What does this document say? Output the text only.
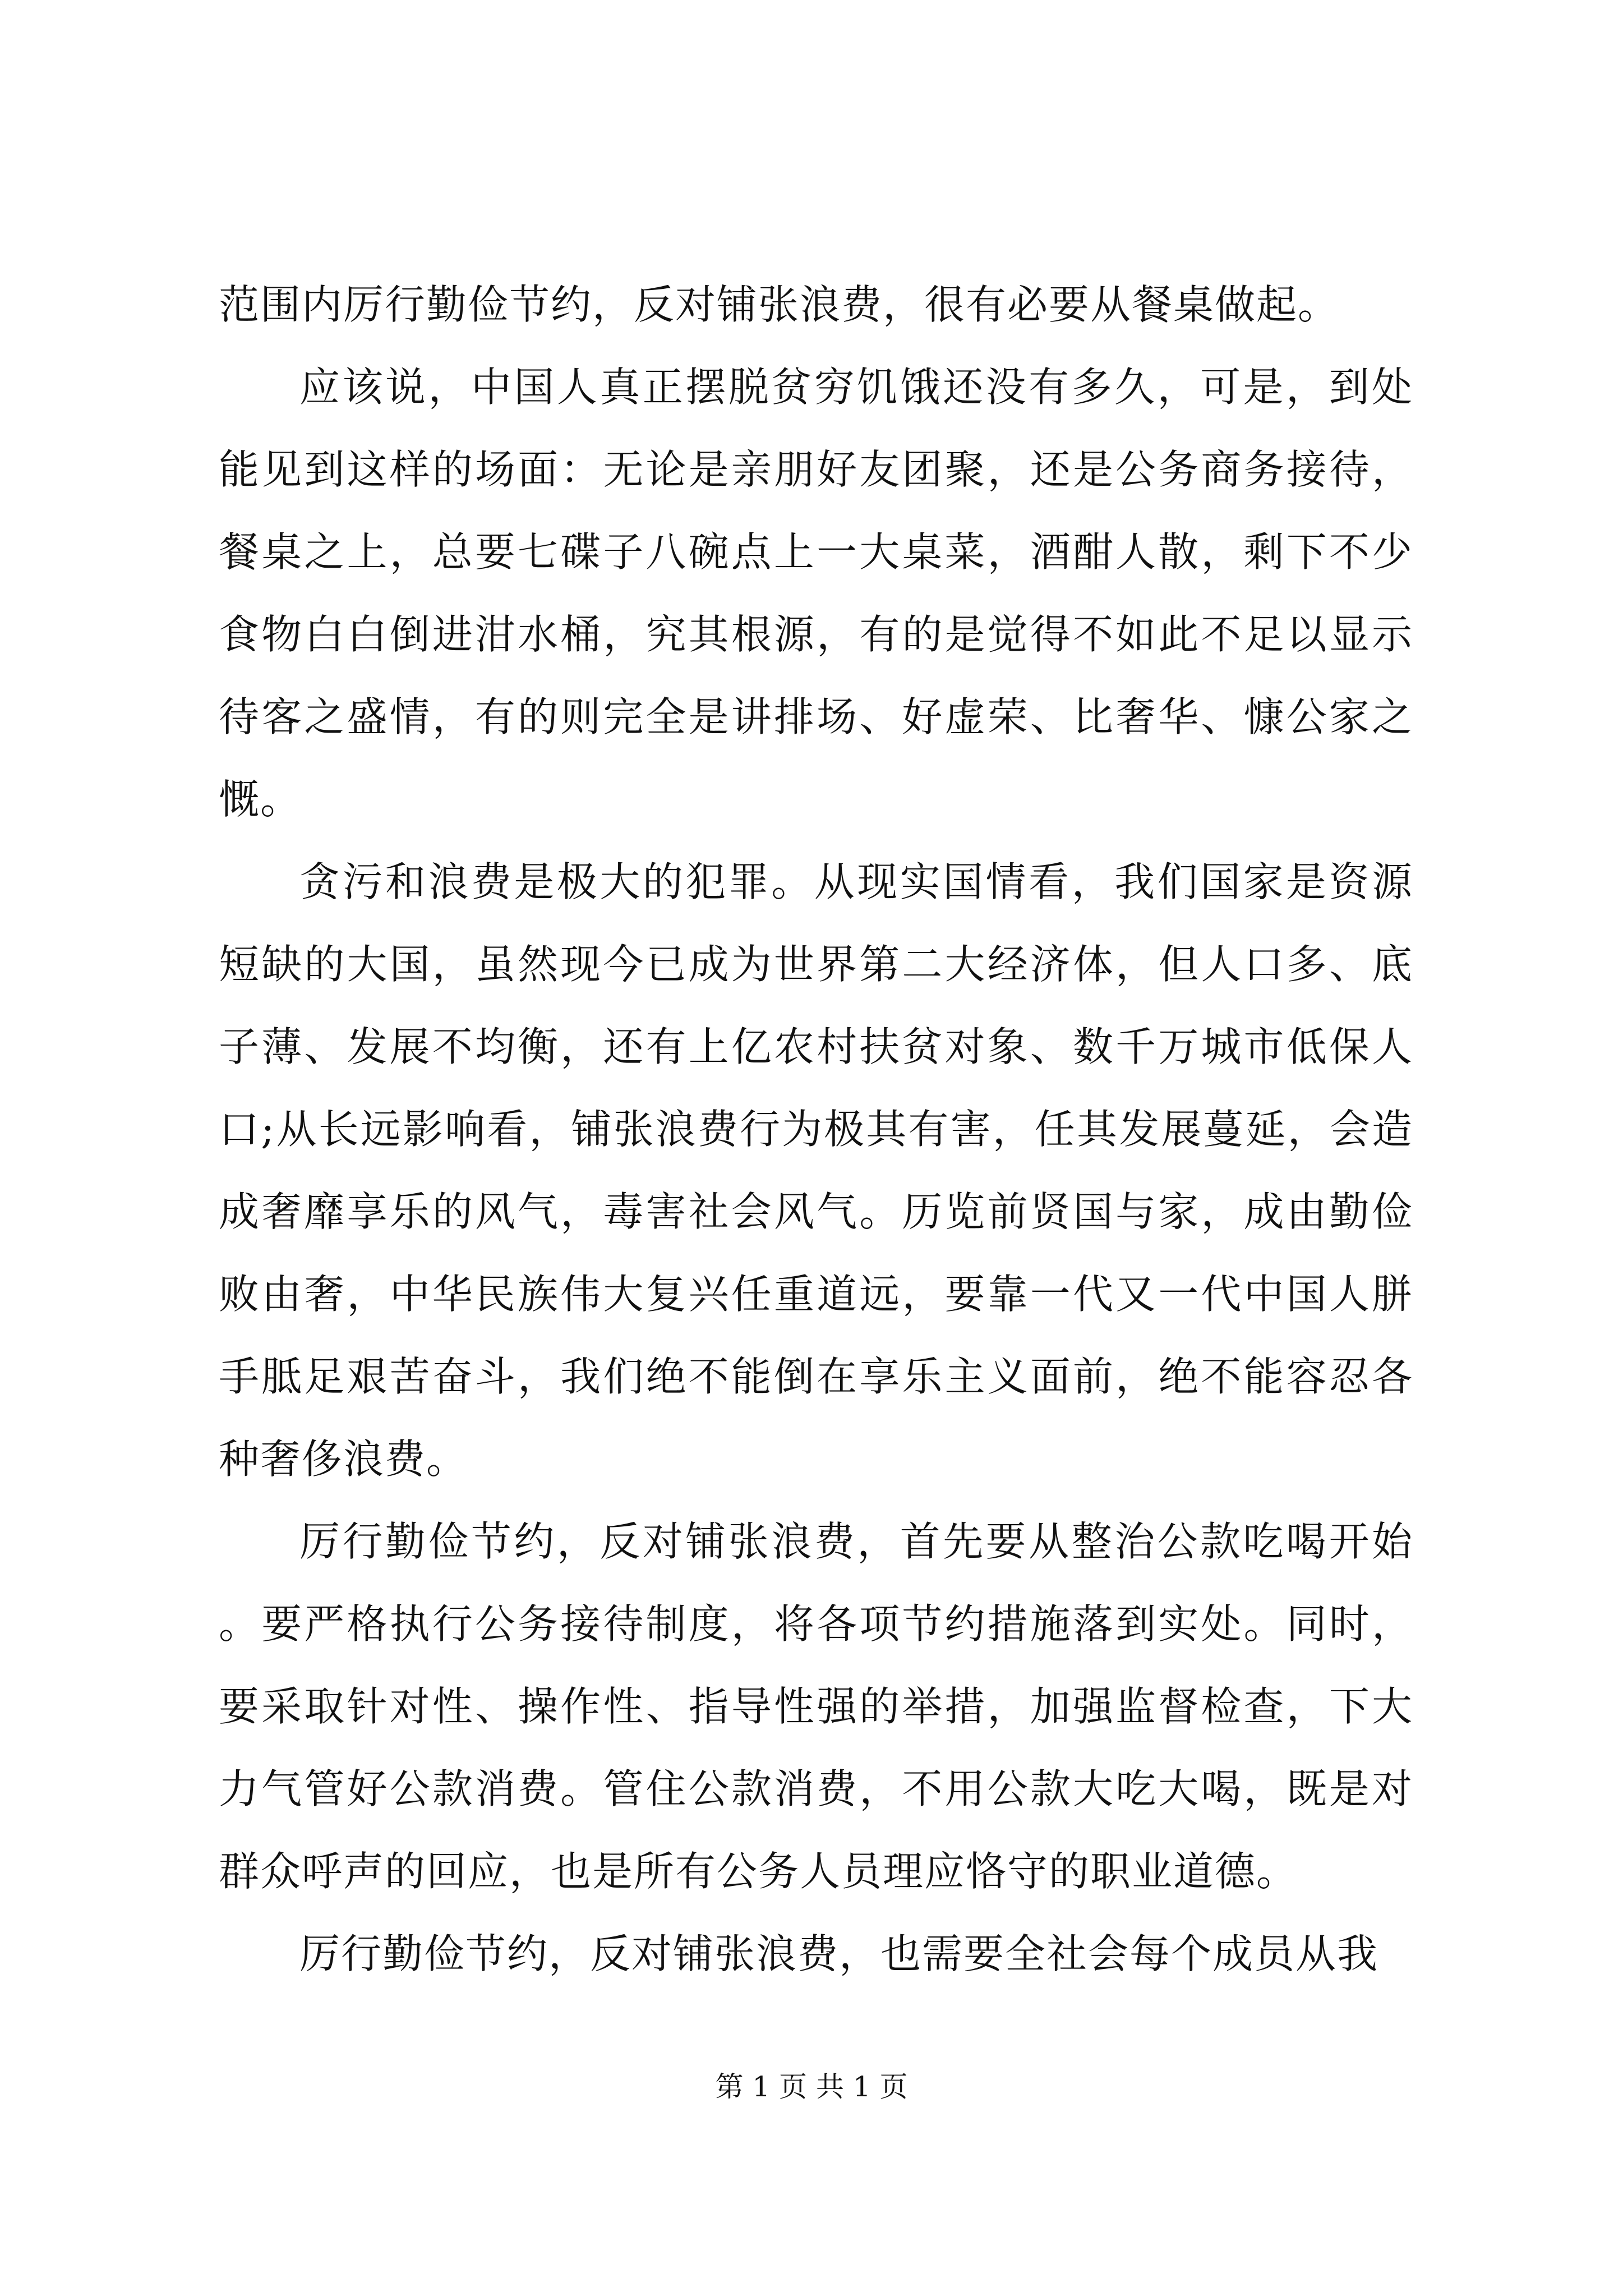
范围内厉行勤俭节约，反对铺张浪费，很有必要从餐桌做起。

应该说，中国人真正摆脱贫穷饥饿还没有多久，可是，到处能见到这样的场面：无论是亲朋好友团聚，还是公务商务接待，餐桌之上，总要七碟子八碗点上一大桌菜，酒酣人散，剩下不少食物白白倒进泔水桶，究其根源，有的是觉得不如此不足以显示待客之盛情，有的则完全是讲排场、好虚荣、比奢华、慷公家之慨。

贪污和浪费是极大的犯罪。从现实国情看，我们国家是资源短缺的大国，虽然现今已成为世界第二大经济体，但人口多、底子薄、发展不均衡，还有上亿农村扶贫对象、数千万城市低保人口;从长远影响看，铺张浪费行为极其有害，任其发展蔓延，会造成奢靡享乐的风气，毒害社会风气。历览前贤国与家，成由勤俭败由奢，中华民族伟大复兴任重道远，要靠一代又一代中国人胼手胝足艰苦奋斗，我们绝不能倒在享乐主义面前，绝不能容忍各种奢侈浪费。

厉行勤俭节约，反对铺张浪费，首先要从整治公款吃喝开始。要严格执行公务接待制度，将各项节约措施落到实处。同时，要采取针对性、操作性、指导性强的举措，加强监督检查，下大力气管好公款消费。管住公款消费，不用公款大吃大喝，既是对群众呼声的回应，也是所有公务人员理应恪守的职业道德。

厉行勤俭节约，反对铺张浪费，也需要全社会每个成员从我

第 1 页 共 1 页
